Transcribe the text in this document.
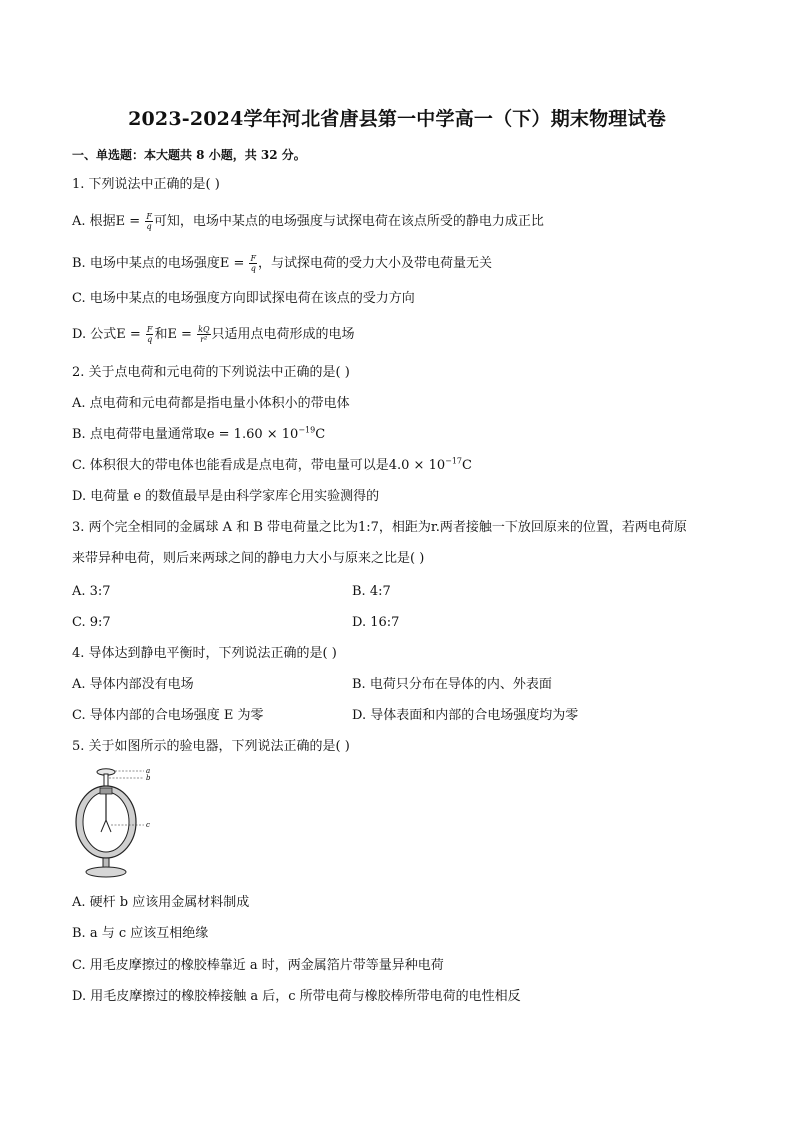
2023-2024学年河北省唐县第一中学高一（下）期末物理试卷
一、单选题：本大题共 8 小题，共 32 分。
1. 下列说法中正确的是( )
A. 根据$E = \frac{F}{q}$ 可知，电场中某点的电场强度与试探电荷在该点所受的静电力成正比
B. 电场中某点的电场强度$E = \frac{F}{q}$ ，与试探电荷的受力大小及带电荷量无关
C. 电场中某点的电场强度方向即试探电荷在该点的受力方向
D. 公式$E = \frac{F}{q}$ 和$E = \frac{kQ}{\text{r²}}$ 只适用点电荷形成的电场
2. 关于点电荷和元电荷的下列说法中正确的是( )
A. 点电荷和元电荷都是指电量小体积小的带电体
B. 点电荷带电量通常取$e = 1.60 \times 10^{-19}C$
C. 体积很大的带电体也能看成是点电荷，带电量可以是$4.0 \times 10^{-17}C$
D. 电荷量 e 的数值最早是由科学家库仑用实验测得的
3. 两个完全相同的金属球 A 和 B 带电荷量之比为1:7，相距为r.两者接触一下放回原来的位置，若两电荷原
来带异种电荷，则后来两球之间的静电力大小与原来之比是( )
A. 3:7	B. 4:7
C. 9:7	D. 16:7
4. 导体达到静电平衡时，下列说法正确的是( )
A. 导体内部没有电场	B. 电荷只分布在导体的内、外表面
C. 导体内部的合电场强度 E 为零	D. 导体表面和内部的合电场强度均为零
5. 关于如图所示的验电器，下列说法正确的是( )
a
b
c
A. 硬杆 b 应该用金属材料制成
B. a 与 c 应该互相绝缘
C. 用毛皮摩擦过的橡胶棒靠近 a 时，两金属箔片带等量异种电荷
D. 用毛皮摩擦过的橡胶棒接触 a 后，c 所带电荷与橡胶棒所带电荷的电性相反
